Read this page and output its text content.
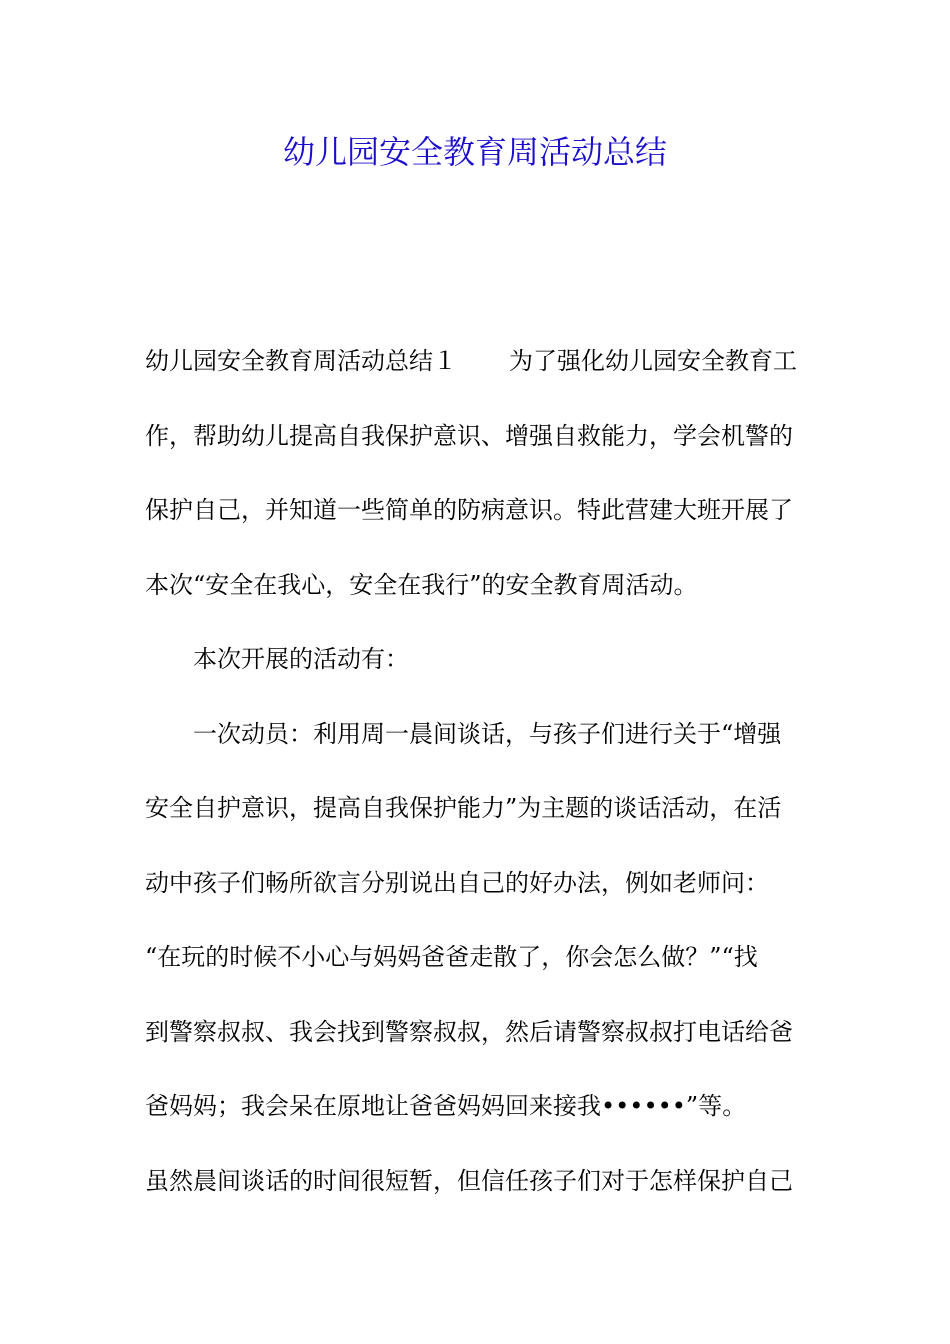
幼儿园安全教育周活动总结

幼儿园安全教育周活动总结１ 为了强化幼儿园安全教育工

作，帮助幼儿提高自我保护意识、增强自救能力，学会机警的

保护自己，并知道一些简单的防病意识。特此营建大班开展了

本次“安全在我心，安全在我行”的安全教育周活动。

本次开展的活动有：

一次动员：利用周一晨间谈话，与孩子们进行关于“增强

安全自护意识，提高自我保护能力”为主题的谈话活动，在活

动中孩子们畅所欲言分别说出自己的好办法，例如老师问：

“在玩的时候不小心与妈妈爸爸走散了，你会怎么做？”“找

到警察叔叔、我会找到警察叔叔，然后请警察叔叔打电话给爸

爸妈妈；我会呆在原地让爸爸妈妈回来接我••••••”等。

虽然晨间谈话的时间很短暂，但信任孩子们对于怎样保护自己
